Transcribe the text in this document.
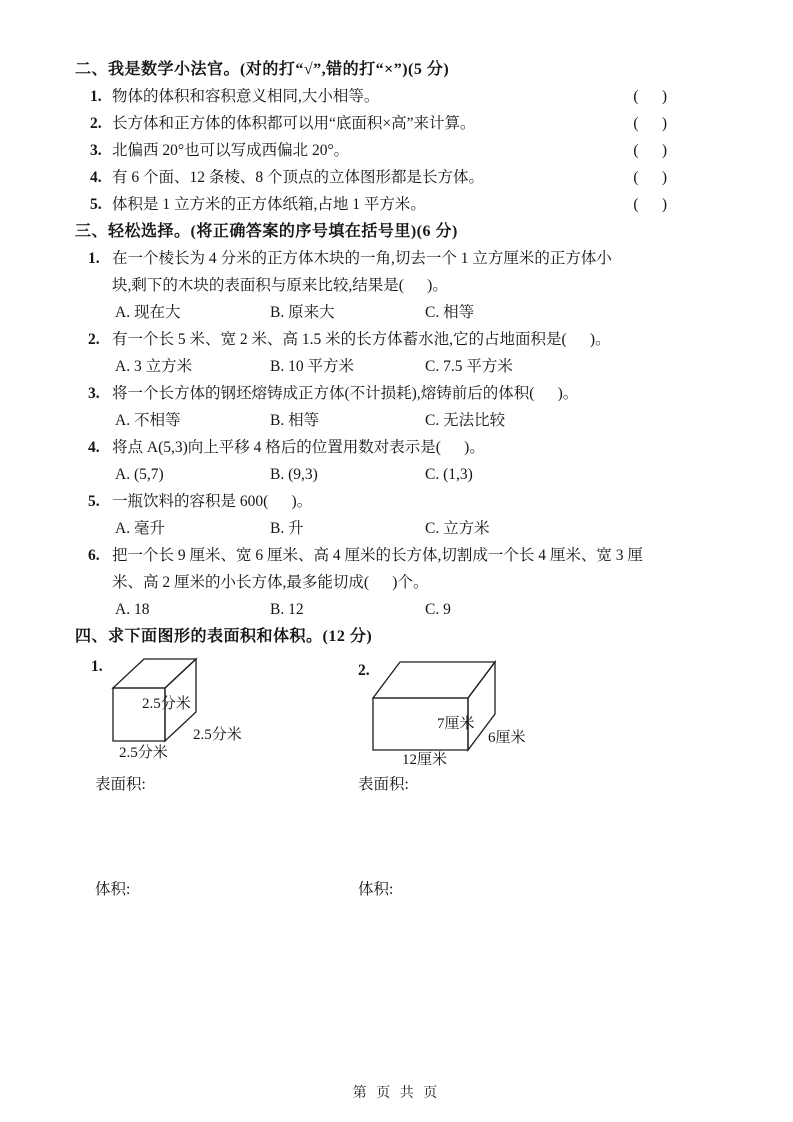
二、我是数学小法官。(对的打“√”,错的打“×”)(5 分)
1. 物体的体积和容积意义相同,大小相等。	(      )
2. 长方体和正方体的体积都可以用“底面积×高”来计算。	(      )
3. 北偏西 20°也可以写成西偏北 20°。	(      )
4. 有 6 个面、12 条棱、8 个顶点的立体图形都是长方体。	(      )
5. 体积是 1 立方米的正方体纸箱,占地 1 平方米。	(      )
三、轻松选择。(将正确答案的序号填在括号里)(6 分)
1. 在一个棱长为 4 分米的正方体木块的一角,切去一个 1 立方厘米的正方体小
块,剩下的木块的表面积与原来比较,结果是(      )。
A. 现在大	B. 原来大	C. 相等
2. 有一个长 5 米、宽 2 米、高 1.5 米的长方体蓄水池,它的占地面积是(      )。
A. 3 立方米	B. 10 平方米	C. 7.5 平方米
3. 将一个长方体的钢坯熔铸成正方体(不计损耗),熔铸前后的体积(      )。
A. 不相等	B. 相等	C. 无法比较
4. 将点 A(5,3)向上平移 4 格后的位置用数对表示是(      )。
A. (5,7)	B. (9,3)	C. (1,3)
5. 一瓶饮料的容积是 600(      )。
A. 毫升	B. 升	C. 立方米
6. 把一个长 9 厘米、宽 6 厘米、高 4 厘米的长方体,切割成一个长 4 厘米、宽 3 厘
米、高 2 厘米的小长方体,最多能切成(      )个。
A. 18	B. 12	C. 9
四、求下面图形的表面积和体积。(12 分)
1.
2.5分米
2.5分米
2.5分米
2.
7厘米
6厘米
12厘米
表面积:	表面积:
体积:	体积:
第 页 共 页
